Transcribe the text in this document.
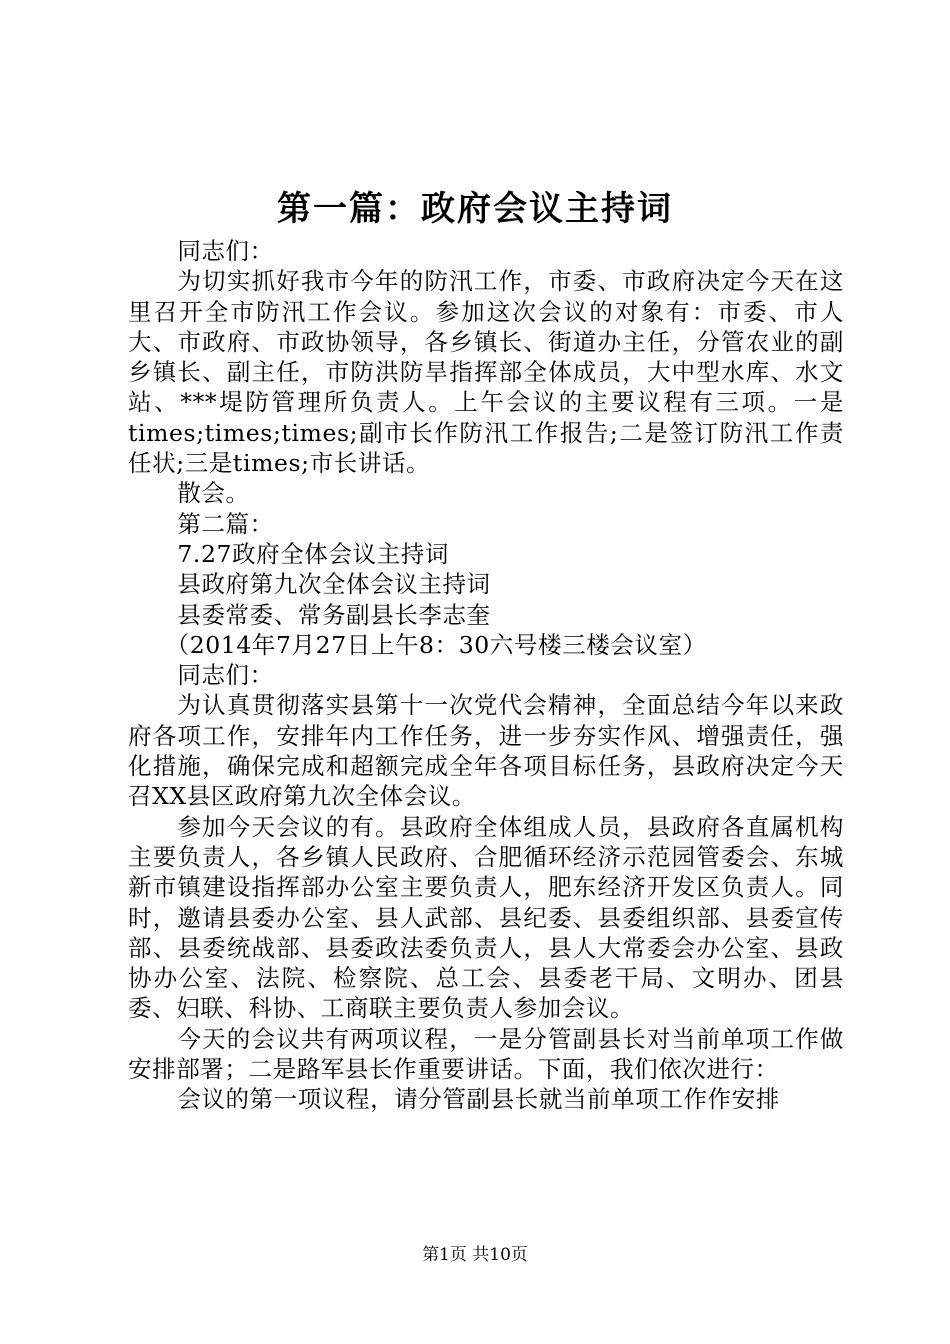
第一篇：政府会议主持词

同志们：

为切实抓好我市今年的防汛工作，市委、市政府决定今天在这里召开全市防汛工作会议。参加这次会议的对象有：市委、市人大、市政府、市政协领导，各乡镇长、街道办主任，分管农业的副乡镇长、副主任，市防洪防旱指挥部全体成员，大中型水库、水文站、***堤防管理所负责人。上午会议的主要议程有三项。一是times;times;times;副市长作防汛工作报告;二是签订防汛工作责任状;三是times;市长讲话。

散会。

第二篇：

7.27政府全体会议主持词

县政府第九次全体会议主持词

县委常委、常务副县长李志奎

（2014年7月27日上午8：30六号楼三楼会议室）

同志们：

为认真贯彻落实县第十一次党代会精神，全面总结今年以来政府各项工作，安排年内工作任务，进一步夯实作风、增强责任，强化措施，确保完成和超额完成全年各项目标任务，县政府决定今天召XX县区政府第九次全体会议。

参加今天会议的有。县政府全体组成人员，县政府各直属机构主要负责人，各乡镇人民政府、合肥循环经济示范园管委会、东城新市镇建设指挥部办公室主要负责人，肥东经济开发区负责人。同时，邀请县委办公室、县人武部、县纪委、县委组织部、县委宣传部、县委统战部、县委政法委负责人，县人大常委会办公室、县政协办公室、法院、检察院、总工会、县委老干局、文明办、团县委、妇联、科协、工商联主要负责人参加会议。

今天的会议共有两项议程，一是分管副县长对当前单项工作做安排部署；二是路军县长作重要讲话。下面，我们依次进行：

会议的第一项议程，请分管副县长就当前单项工作作安排

第1页 共10页
